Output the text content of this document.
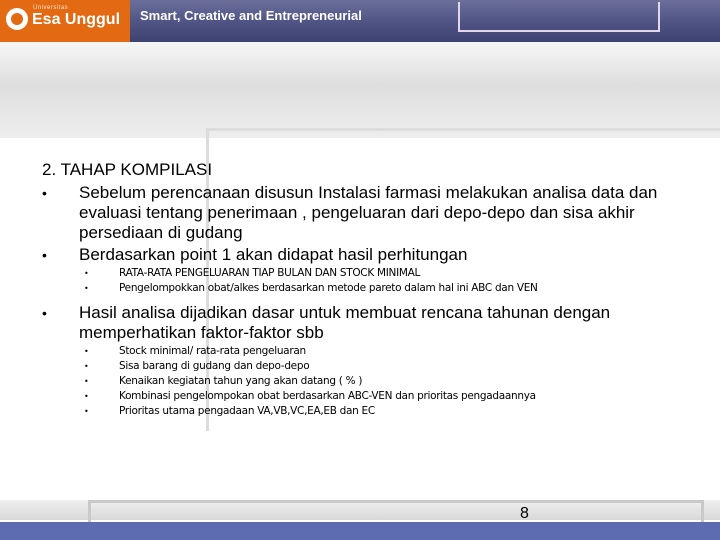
Universitas
Esa Unggul Smart, Creative and Entrepreneurial
2. TAHAP KOMPILASI
• Sebelum perencanaan disusun Instalasi farmasi melakukan analisa data dan evaluasi tentang penerimaan , pengeluaran dari depo-depo dan sisa akhir persediaan di gudang
• Berdasarkan point 1 akan didapat hasil perhitungan
•	RATA-RATA PENGELUARAN TIAP BULAN DAN STOCK MINIMAL
•	Pengelompokkan obat/alkes berdasarkan metode pareto dalam hal ini ABC dan VEN
• Hasil analisa dijadikan dasar untuk membuat rencana tahunan dengan memperhatikan faktor-faktor sbb
•	Stock minimal/ rata-rata pengeluaran
•	Sisa barang di gudang dan depo-depo
•	Kenaikan kegiatan tahun yang akan datang ( % )
•	Kombinasi pengelompokan obat berdasarkan ABC-VEN dan prioritas pengadaannya
•	Prioritas utama pengadaan VA,VB,VC,EA,EB dan EC
8
